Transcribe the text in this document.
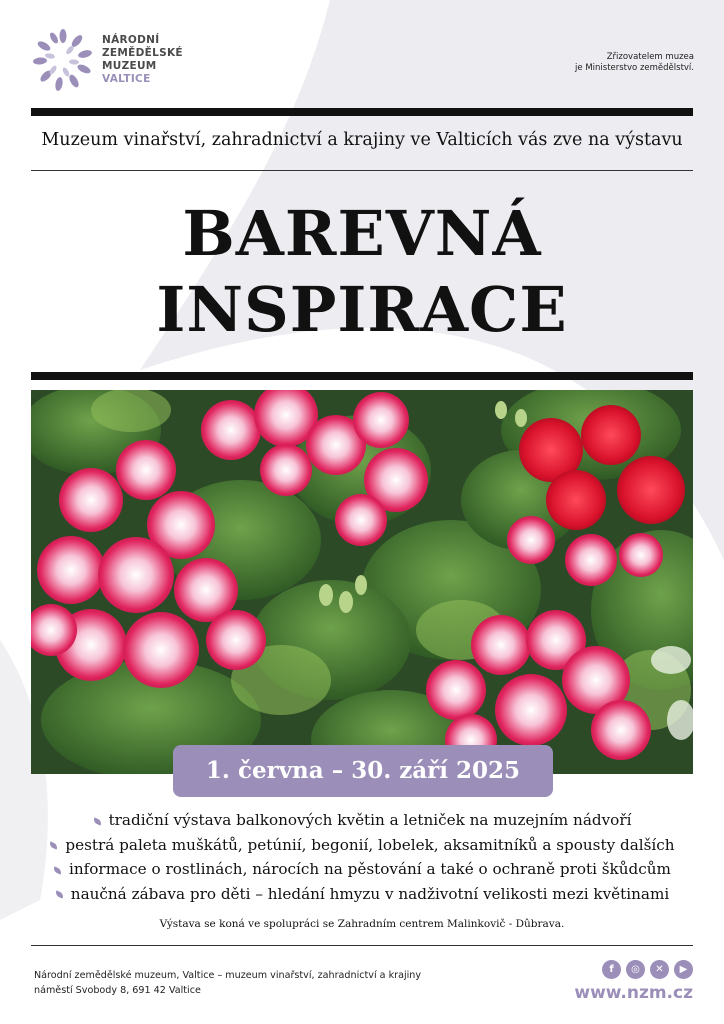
NÁRODNÍ
ZEMĚDĚLSKÉ
MUZEUM
VALTICE
Zřizovatelem muzea
je Ministerstvo zemědělství.
Muzeum vinařství, zahradnictví a krajiny ve Valticích vás zve na výstavu
BAREVNÁ
INSPIRACE
1. června – 30. září 2025
tradiční výstava balkonových květin a letniček na muzejním nádvoří
pestrá paleta muškátů, petúnií, begonií, lobelek, aksamitníků a spousty dalších
informace o rostlinách, nárocích na pěstování a také o ochraně proti škůdcům
naučná zábava pro děti – hledání hmyzu v nadživotní velikosti mezi květinami
Výstava se koná ve spolupráci se Zahradním centrem Malinkovič - Dûbrava.
Národní zemědělské muzeum, Valtice – muzeum vinařství, zahradnictví a krajiny
náměstí Svobody 8, 691 42 Valtice
f	◎	✕	▶
www.nzm.cz
